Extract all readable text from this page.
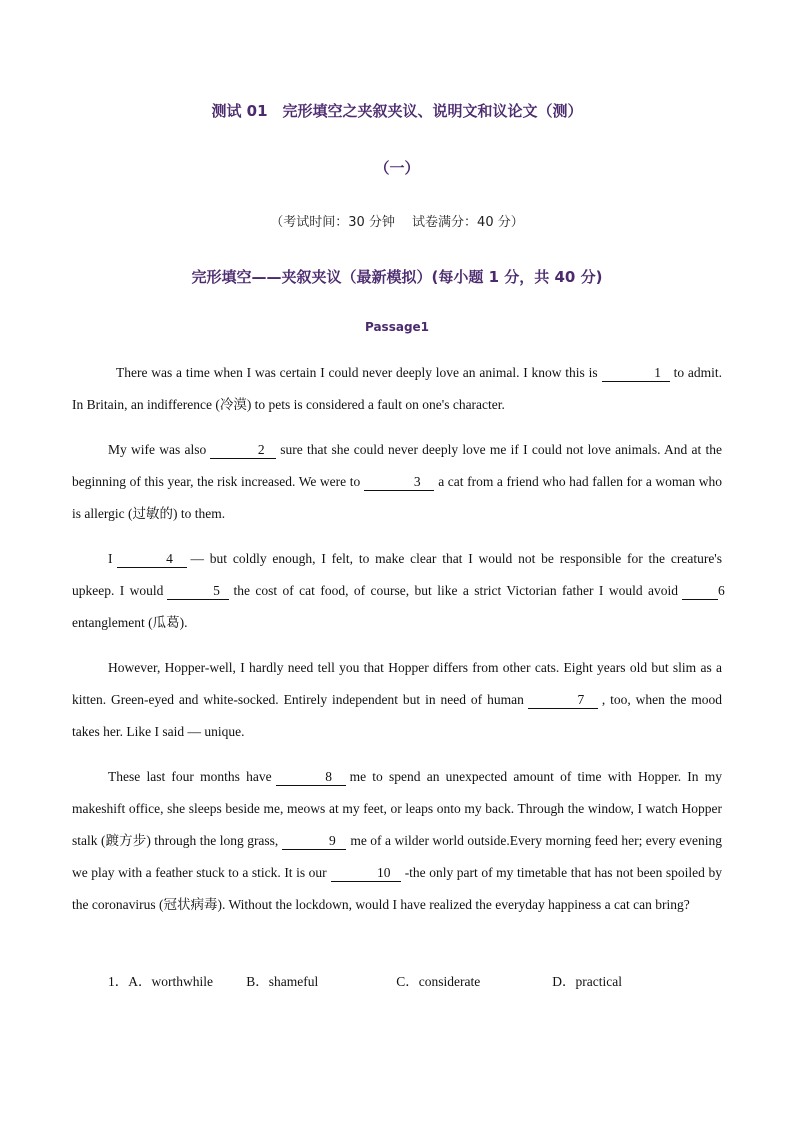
测试 01　完形填空之夹叙夹议、说明文和议论文（测）
（一）
（考试时间：30 分钟　 试卷满分：40 分）
完形填空——夹叙夹议（最新模拟）(每小题 1 分，共 40 分)
Passage1
There was a time when I was certain I could never deeply love an animal. I know this is	1 to admit. In Britain, an indifference (冷漠) to pets is considered a fault on one's character.
My wife was also	2 sure that she could never deeply love me if I could not love animals. And at the beginning of this year, the risk increased. We were to	3 a cat from a friend who had fallen for a woman who is allergic (过敏的) to them.
I	4 — but coldly enough, I felt, to make clear that I would not be responsible for the creature's upkeep. I would	5 the cost of cat food, of course, but like a strict Victorian father I would avoid	6entanglement (瓜葛).
However, Hopper-well, I hardly need tell you that Hopper differs from other cats. Eight years old but slim as a kitten. Green-eyed and white-socked. Entirely independent but in need of human	7 , too, when the mood takes her. Like I said — unique.
These last four months have	8 me to spend an unexpected amount of time with Hopper. In my makeshift office, she sleeps beside me, meows at my feet, or leaps onto my back. Through the window, I watch Hopper stalk (踱方步) through the long grass,	9 me of a wilder world outside.Every morning feed her; every evening we play with a feather stuck to a stick. It is our	10 -the only part of my timetable that has not been spoiled by the coronavirus (冠状病毒). Without the lockdown, would I have realized the everyday happiness a cat can bring?
1．A．worthwhile B．shameful	C．considerate	D．practical
